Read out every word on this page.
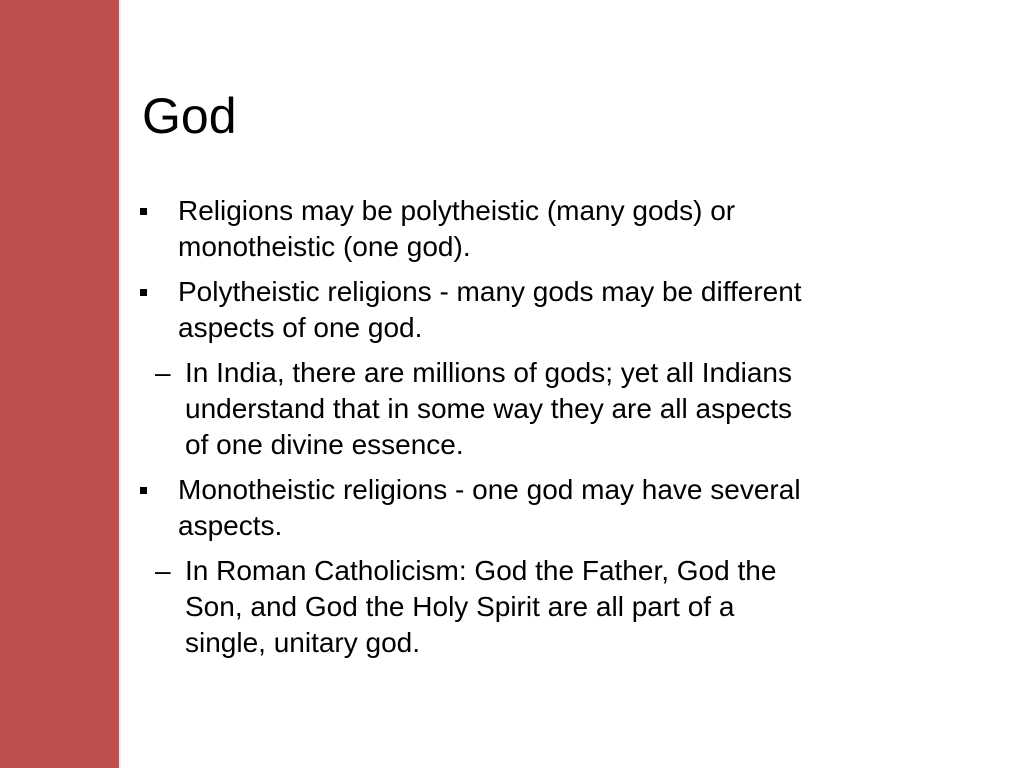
God
Religions may be polytheistic (many gods) or
monotheistic (one god).
Polytheistic religions - many gods may be different
aspects of one god.
– In India, there are millions of gods; yet all Indians
understand that in some way they are all aspects
of one divine essence.
Monotheistic religions - one god may have several
aspects.
– In Roman Catholicism: God the Father, God the
Son, and God the Holy Spirit are all part of a
single, unitary god.
